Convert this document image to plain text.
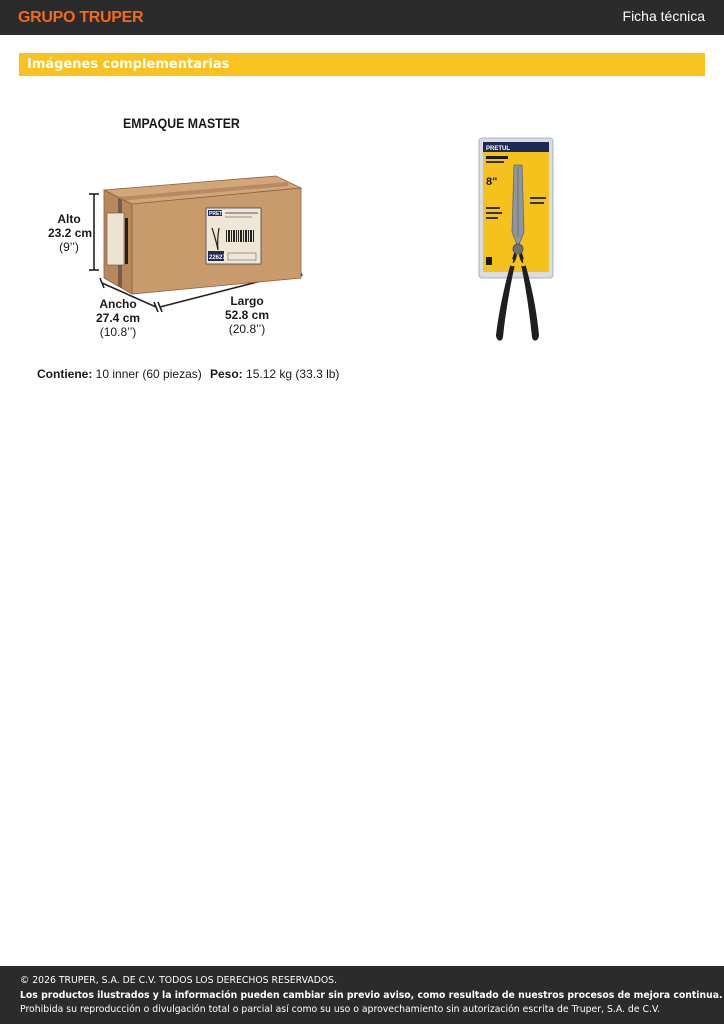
GRUPO TRUPER	Ficha técnica
Imágenes complementarias
EMPAQUE MASTER
PRETUL
22627
Alto
23.2 cm
(9’’)
Ancho
27.4 cm
(10.8’’)
Largo
52.8 cm
(20.8’’)
Contiene: 10 inner (60 piezas) Peso: 15.12 kg (33.3 lb)
PRETUL
8"
© 2026 TRUPER, S.A. DE C.V. TODOS LOS DERECHOS RESERVADOS.
Los productos ilustrados y la información pueden cambiar sin previo aviso, como resultado de nuestros procesos de mejora continua.
Prohibida su reproducción o divulgación total o parcial así como su uso o aprovechamiento sin autorización escrita de Truper, S.A. de C.V.
